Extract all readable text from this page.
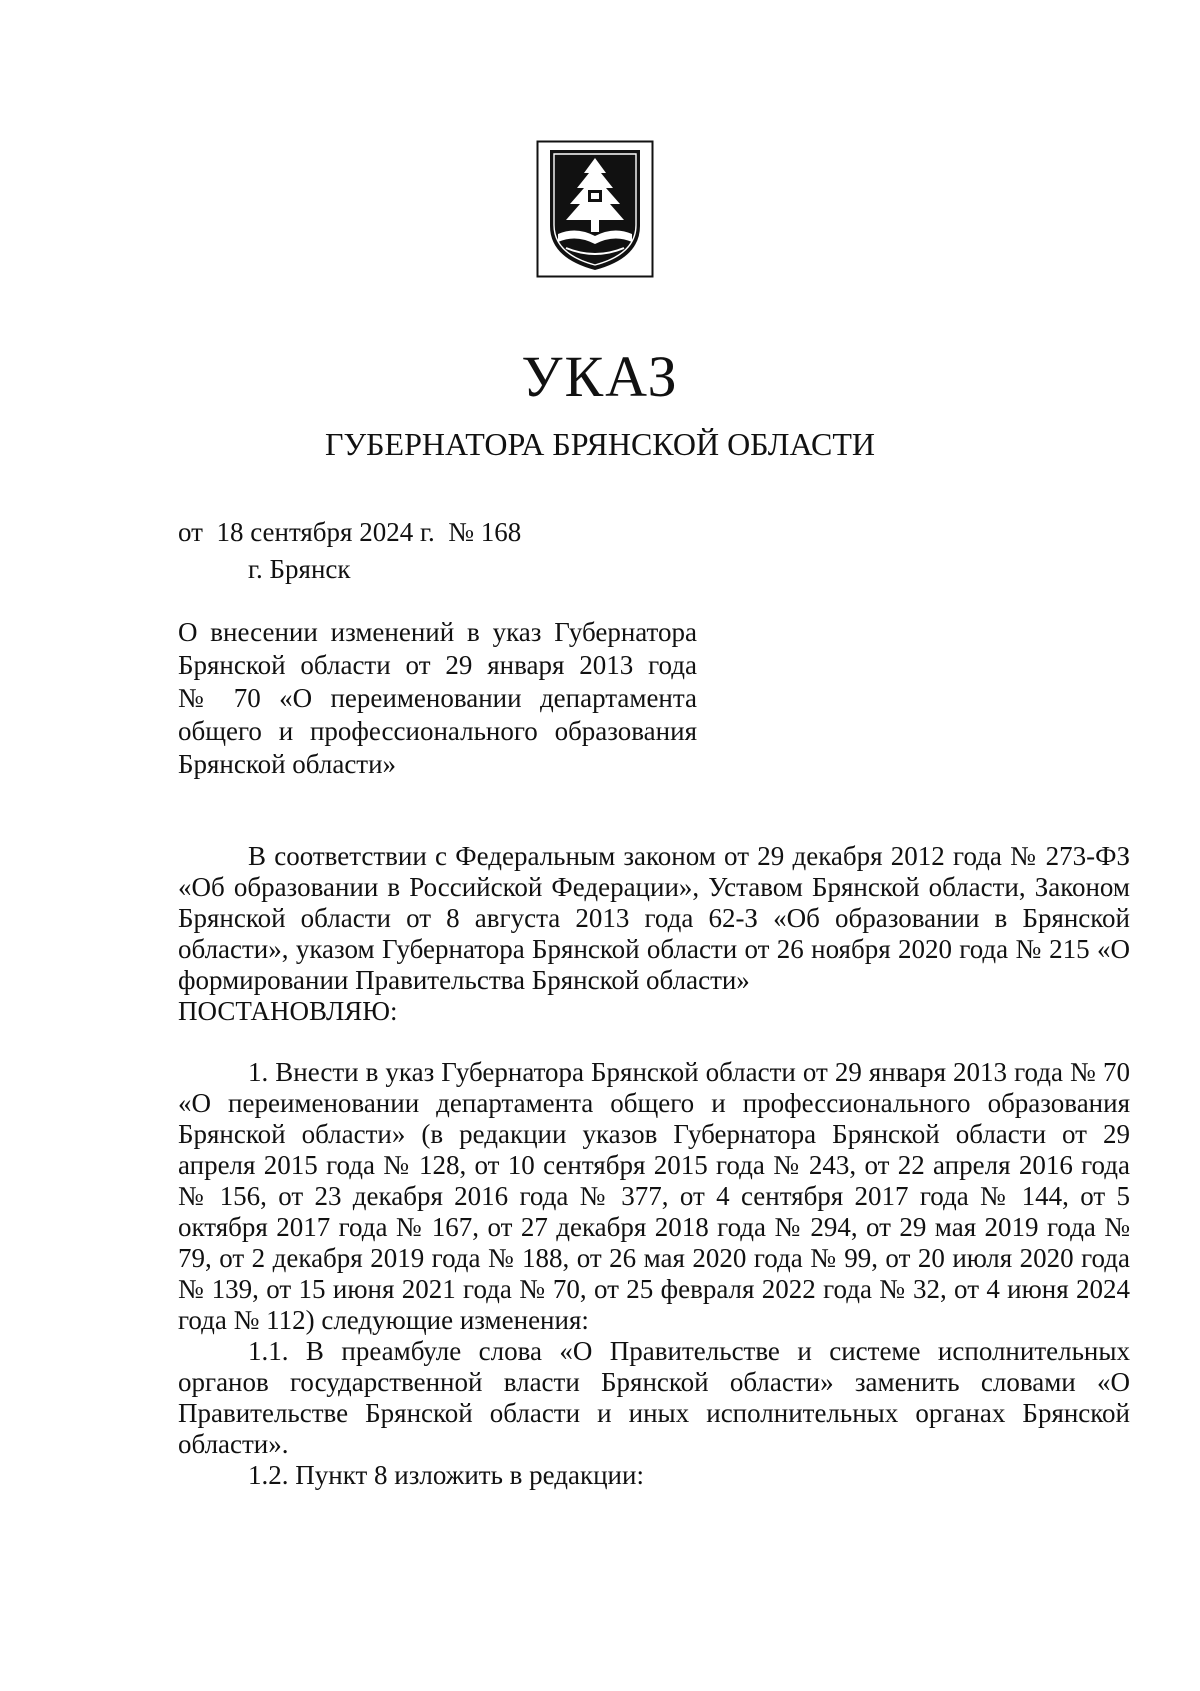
УКАЗ
ГУБЕРНАТОРА БРЯНСКОЙ ОБЛАСТИ
от  18 сентября 2024 г.  № 168
г. Брянск
О внесении изменений в указ Губернатора
Брянской области от 29 января 2013 года
№ 70 «О переименовании департамента
общего и профессионального образования
Брянской области»

В соответствии с Федеральным законом от 29 декабря 2012 года № 273-ФЗ «Об образовании в Российской Федерации», Уставом Брянской области, Законом Брянской области от 8 августа 2013 года 62-З «Об образовании в Брянской области», указом Губернатора Брянской области от 26 ноября 2020 года № 215 «О формировании Правительства Брянской области»

ПОСТАНОВЛЯЮ:

1. Внести в указ Губернатора Брянской области от 29 января 2013 года № 70 «О переименовании департамента общего и профессионального образования Брянской области» (в редакции указов Губернатора Брянской области от 29 апреля 2015 года № 128, от 10 сентября 2015 года № 243, от 22 апреля 2016 года № 156, от 23 декабря 2016 года № 377, от 4 сентября 2017 года № 144, от 5 октября 2017 года № 167, от 27 декабря 2018 года № 294, от 29 мая 2019 года № 79, от 2 декабря 2019 года № 188, от 26 мая 2020 года № 99, от 20 июля 2020 года № 139, от 15 июня 2021 года № 70, от 25 февраля 2022 года № 32, от 4 июня 2024 года № 112) следующие изменения:

1.1. В преамбуле слова «О Правительстве и системе исполнительных органов государственной власти Брянской области» заменить словами «О Правительстве Брянской области и иных исполнительных органах Брянской области».

1.2. Пункт 8 изложить в редакции:
